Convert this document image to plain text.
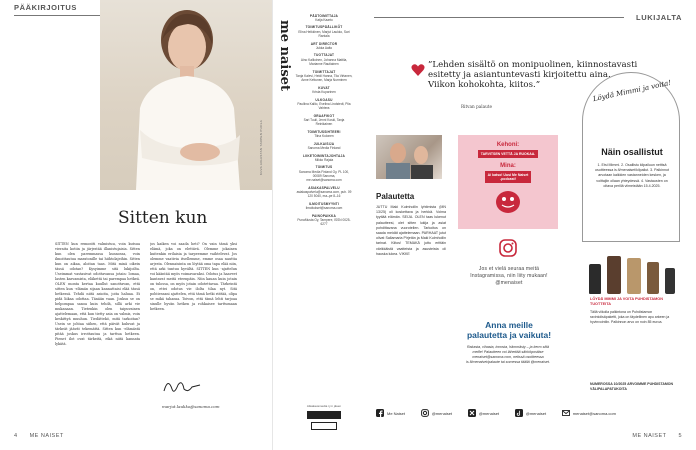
PÄÄKIRJOITUS
KUVA AIGUSTAN TARPEN PUOLA
Sitten kun
SITTEN kun remontti valmistuu, voin kutsua vieraita kotiin ja järjestää illanistujaisia. Sitten kun olen paremmassa kunnossa, voin ilmoittautua maratonille tai hiihtolajeihin. Sitten kun on aikaa, aloitan taas. Mitä minä oikein tässä odotan? Kysyimme sitä lukijoilta. Useimmat vastasivat odottavansa jotain: lomaa, lasten kasvamista, eläkettä tai parempaa hetkeä. OLEN monta kertaa kuullut sanottavan, että sitten kun -elämän sijaan kannattaisi elää tässä hetkessä. Tehdä niitä asioita, joita haluaa. Ei pidä liikaa odottaa. Tänään vaan. Joskus se on helpompaa sanoa kuin tehdä, sillä arki vie mukanaan. Tietenkin olen taipuvainen ajattelemaan, että kun tietty asia on valmis, voin keskittyä muuhun. Tiedättekö, mitä tarkoitan? Usein se johtaa siihen, että päivät kuluvat ja tärkeät jäävät tekemättä. Sitten kun -elämästä pitää joskus irrottautua ja tarttua hetkeen. Pienet ilot ovat tärkeitä, eikä niitä kannata lykätä.
jos kaiken voi saada heti? On vain tämä yksi elämä, joka on elettävä. Olemme jokainen kuitenkin erilaisia ja tarpeemme vaihtelevat. Jos olemme vaativia itsellemme, emme osaa nauttia arjesta. Olennaisinta on löytää oma tapa elää niin, että arki tuntuu hyvältä. SITTEN kun -ajattelun voi kääntää myös voimavaraksi. Odotus ja haaveet kantavat meitä eteenpäin. Niin kauan kuin jotain on tulossa, on myös jotain odotettavaa. Tärkeintä on, ettei odotus vie ilolta tilaa nyt. Sitä pohtiessani ajattelen, että tämä hetki riittää, olipa se mikä tahansa. Toivon, että tämä lehti tarjoaa sinulle hyvän hetken ja rohkaisee tarttumaan hetkeen.
marjut.laukko@sanoma.com
4 ME NAISET
me naiset
PÄÄTOIMITTAJA
Katja Kaarto
TOIMITUSPÄÄLLIKÖT
Elina Heikkinen, Marjut Laukko, Sari Rantala
ART DIRECTOR
Jukka Aalto
TUOTTAJAT
Aino Kallioinen, Johanna Mattila, Marianne Rautiainen
TOIMITTAJAT
Tanja Kalevi, Heidi Hanna, Tiia Virtanen, Anne Kettunen, Marja Nurminen
KUVAT
Krista Kuparinen
ULKOASU
Pauliina Kallio, Evelina Lindstedt, Piia Vahtera
GRAAFIKOT
Sari Tuuli, Jenni Koski, Tanja Reinikainen
TOIMITUSSIHTEERI
Tiina Kulonen
JULKAISIJA
Sanoma Media Finland
LIIKETOIMINTAJOHTAJA
Mikko Rajala
TOIMITUS
Sanoma Media Finland Oy, PL 100, 00089 Sanoma, me.naiset@sanoma.com
ASIAKASPALVELU
asiakaspalvelu@sanoma.com, puh. 09 120 5040, ma–pe 8–16
ILMOITUSMYYNTI
ilmoitukset@sanoma.com
PAINOPAIKKA
PunaMusta Oy, Tampere, ISSN 0025-6277
Aikakausmedia ry:n jäsen
LUKIJALTA
”Lehden sisältö on monipuolinen, kiinnostavasti esitetty ja asiantuntevasti kirjoitettu aina. Viikon kohokohta, kiitos.”
Ritvan palaute
Palautetta
JUTTU Maki Kulmhollin lyhtimista (MN 13/25) oli koskettava ja herkkä. Voima tyytiää elämän. SEIJA. OLEN taas lukenut palautteesi, olet sitten lukija ja asiat pohdittavana vuorotellen. Tarkoitus on saada meidät ajattelemaan. PARHAAT jutut olivat Sallamaria Pirjetän ja Maki Kulmhollin tarinat. Kiitos! TEMAKÄ juttu erittäin värikkäistä vaatteista ja asusteista oli hauska lukea. VIKKE
Kehoni:
TARVITSEN VETTÄ JA RUOKAA.
Mina:
Ai katso! Uusi Me Naiset -podcast!
Jos et vielä seuraa meitä Instagramissa, niin liity mukaan! @menaiset
Anna meille palautetta ja vaikuta!
Rakasta, vihasta, innosta, hämmästy – ja kerro siitä meille! Palautteen voi lähettää sähköpostitse menaiset@sanoma.com, netissä osoitteessa is.fi/menaiset/palaute tai somessa täällä @menaiset.
Me Naiset	@menaiset	@menaiset	@menaiset	menaiset@sanoma.com
Löydä Mimmi ja voita!
Näin osallistut
1. Etsi Mimmi. 2. Osallistu kilpailuun nettisä osoitteessa is.fi/menaiset/kilpailut. 3. Palkinnot arvotaan kaikkien vastanneiden kesken, ja voittajiin ollaan yhteydessä. 4. Vastausten on oltava perillä viimeistään 15.4.2025.
LÖYDÄ MIMMI JA VOITA PUHDISTAMON TUOTTEITA
Tällä viikolla palkintona on Puhdistamon ravintolisäpaketti, joka on täydellinen apu arkeen ja hyvinvointiin. Palkinnon arvo on noin 85 euroa.
NUMEROSSA 10/2025 ARVOIMME PUHDISTAMON VÄLIPALAPATUKOITA
ME NAISET 5
